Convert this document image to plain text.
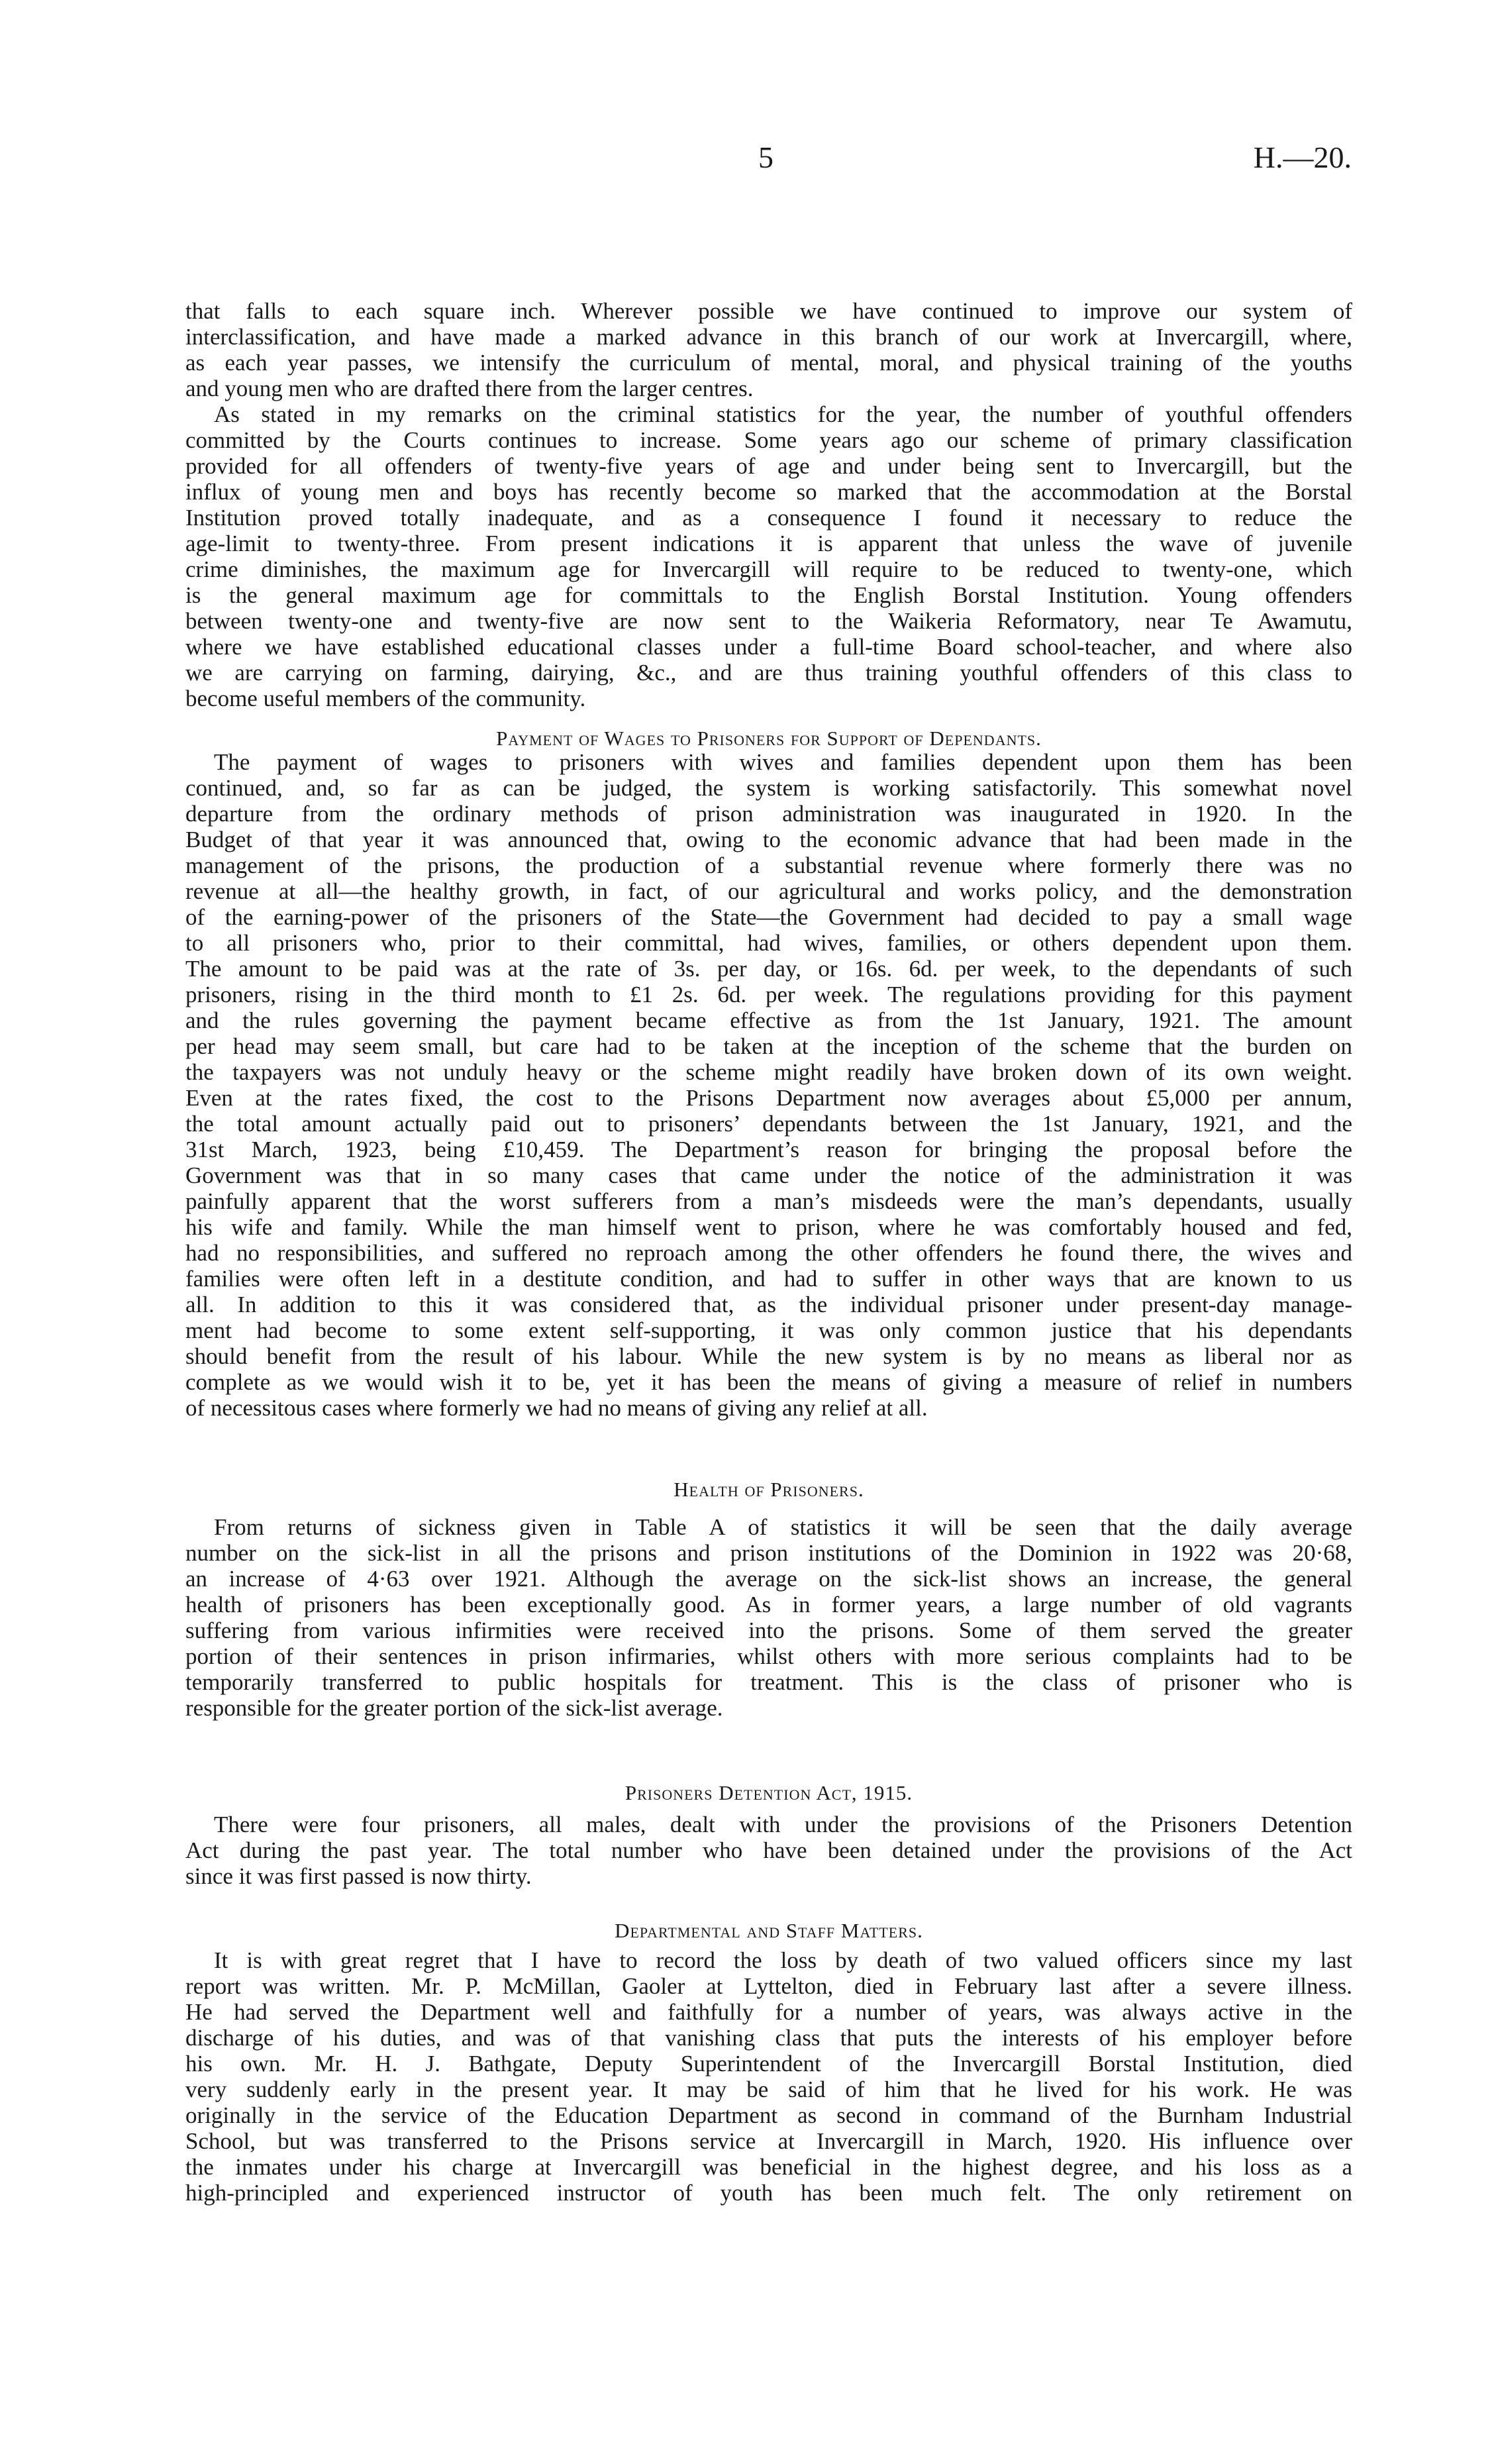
5	H.—20.
that falls to each square inch. Wherever possible we have continued to improve our system of
interclassification, and have made a marked advance in this branch of our work at Invercargill, where,
as each year passes, we intensify the curriculum of mental, moral, and physical training of the youths
and young men who are drafted there from the larger centres.
As stated in my remarks on the criminal statistics for the year, the number of youthful offenders
committed by the Courts continues to increase. Some years ago our scheme of primary classification
provided for all offenders of twenty-five years of age and under being sent to Invercargill, but the
influx of young men and boys has recently become so marked that the accommodation at the Borstal
Institution proved totally inadequate, and as a consequence I found it necessary to reduce the
age-limit to twenty-three. From present indications it is apparent that unless the wave of juvenile
crime diminishes, the maximum age for Invercargill will require to be reduced to twenty-one, which
is the general maximum age for committals to the English Borstal Institution. Young offenders
between twenty-one and twenty-five are now sent to the Waikeria Reformatory, near Te Awamutu,
where we have established educational classes under a full-time Board school-teacher, and where also
we are carrying on farming, dairying, &c., and are thus training youthful offenders of this class to
become useful members of the community.
Payment of Wages to Prisoners for Support of Dependants.
The payment of wages to prisoners with wives and families dependent upon them has been
continued, and, so far as can be judged, the system is working satisfactorily. This somewhat novel
departure from the ordinary methods of prison administration was inaugurated in 1920. In the
Budget of that year it was announced that, owing to the economic advance that had been made in the
management of the prisons, the production of a substantial revenue where formerly there was no
revenue at all—the healthy growth, in fact, of our agricultural and works policy, and the demonstration
of the earning-power of the prisoners of the State—the Government had decided to pay a small wage
to all prisoners who, prior to their committal, had wives, families, or others dependent upon them.
The amount to be paid was at the rate of 3s. per day, or 16s. 6d. per week, to the dependants of such
prisoners, rising in the third month to £1 2s. 6d. per week. The regulations providing for this payment
and the rules governing the payment became effective as from the 1st January, 1921. The amount
per head may seem small, but care had to be taken at the inception of the scheme that the burden on
the taxpayers was not unduly heavy or the scheme might readily have broken down of its own weight.
Even at the rates fixed, the cost to the Prisons Department now averages about £5,000 per annum,
the total amount actually paid out to prisoners’ dependants between the 1st January, 1921, and the
31st March, 1923, being £10,459. The Department’s reason for bringing the proposal before the
Government was that in so many cases that came under the notice of the administration it was
painfully apparent that the worst sufferers from a man’s misdeeds were the man’s dependants, usually
his wife and family. While the man himself went to prison, where he was comfortably housed and fed,
had no responsibilities, and suffered no reproach among the other offenders he found there, the wives and
families were often left in a destitute condition, and had to suffer in other ways that are known to us
all. In addition to this it was considered that, as the individual prisoner under present-day manage-
ment had become to some extent self-supporting, it was only common justice that his dependants
should benefit from the result of his labour. While the new system is by no means as liberal nor as
complete as we would wish it to be, yet it has been the means of giving a measure of relief in numbers
of necessitous cases where formerly we had no means of giving any relief at all.
Health of Prisoners.
From returns of sickness given in Table A of statistics it will be seen that the daily average
number on the sick-list in all the prisons and prison institutions of the Dominion in 1922 was 20·68,
an increase of 4·63 over 1921. Although the average on the sick-list shows an increase, the general
health of prisoners has been exceptionally good. As in former years, a large number of old vagrants
suffering from various infirmities were received into the prisons. Some of them served the greater
portion of their sentences in prison infirmaries, whilst others with more serious complaints had to be
temporarily transferred to public hospitals for treatment. This is the class of prisoner who is
responsible for the greater portion of the sick-list average.
Prisoners Detention Act, 1915.
There were four prisoners, all males, dealt with under the provisions of the Prisoners Detention
Act during the past year. The total number who have been detained under the provisions of the Act
since it was first passed is now thirty.
Departmental and Staff Matters.
It is with great regret that I have to record the loss by death of two valued officers since my last
report was written. Mr. P. McMillan, Gaoler at Lyttelton, died in February last after a severe illness.
He had served the Department well and faithfully for a number of years, was always active in the
discharge of his duties, and was of that vanishing class that puts the interests of his employer before
his own. Mr. H. J. Bathgate, Deputy Superintendent of the Invercargill Borstal Institution, died
very suddenly early in the present year. It may be said of him that he lived for his work. He was
originally in the service of the Education Department as second in command of the Burnham Industrial
School, but was transferred to the Prisons service at Invercargill in March, 1920. His influence over
the inmates under his charge at Invercargill was beneficial in the highest degree, and his loss as a
high-principled and experienced instructor of youth has been much felt. The only retirement on
